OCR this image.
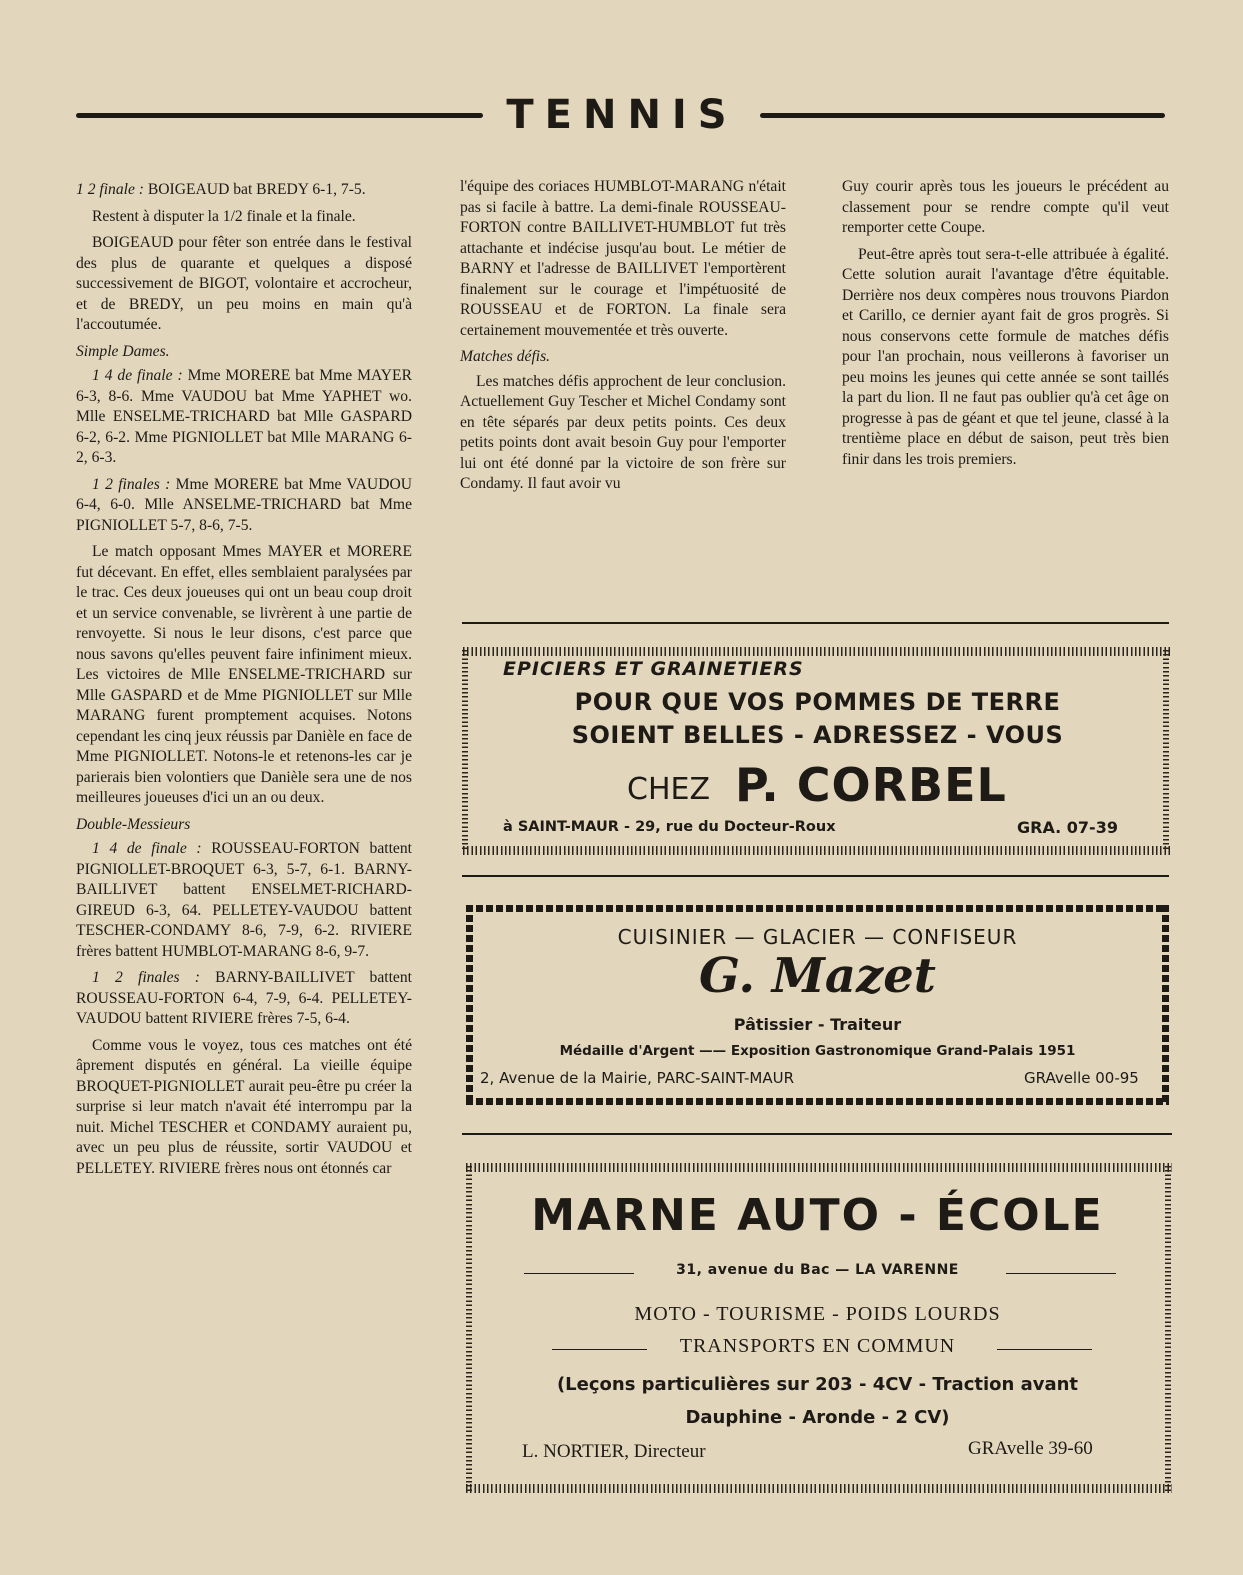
TENNIS

1 2 finale : BOIGEAUD bat BREDY 6-1, 7-5.

Restent à disputer la 1/2 finale et la finale.

BOIGEAUD pour fêter son entrée dans le festival des plus de quarante et quelques a disposé successivement de BIGOT, volontaire et accrocheur, et de BREDY, un peu moins en main qu'à l'accoutumée.

Simple Dames.

1 4 de finale : Mme MORERE bat Mme MAYER 6-3, 8-6. Mme VAUDOU bat Mme YAPHET wo. Mlle ENSELME-TRICHARD bat Mlle GASPARD 6-2, 6-2. Mme PIGNIOLLET bat Mlle MARANG 6-2, 6-3.

1 2 finales : Mme MORERE bat Mme VAUDOU 6-4, 6-0. Mlle ANSELME-TRICHARD bat Mme PIGNIOLLET 5-7, 8-6, 7-5.

Le match opposant Mmes MAYER et MORERE fut décevant. En effet, elles semblaient paralysées par le trac. Ces deux joueuses qui ont un beau coup droit et un service convenable, se livrèrent à une partie de renvoyette. Si nous le leur disons, c'est parce que nous savons qu'elles peuvent faire infiniment mieux. Les victoires de Mlle ENSELME-TRICHARD sur Mlle GASPARD et de Mme PIGNIOLLET sur Mlle MARANG furent promptement acquises. Notons cependant les cinq jeux réussis par Danièle en face de Mme PIGNIOLLET. Notons-le et retenons-les car je parierais bien volontiers que Danièle sera une de nos meilleures joueuses d'ici un an ou deux.

Double-Messieurs

1 4 de finale : ROUSSEAU-FORTON battent PIGNIOLLET-BROQUET 6-3, 5-7, 6-1. BARNY-BAILLIVET battent ENSELMET-RICHARD-GIREUD 6-3, 64. PELLETEY-VAUDOU battent TESCHER-CONDAMY 8-6, 7-9, 6-2. RIVIERE frères battent HUMBLOT-MARANG 8-6, 9-7.

1 2 finales : BARNY-BAILLIVET battent ROUSSEAU-FORTON 6-4, 7-9, 6-4. PELLETEY-VAUDOU battent RIVIERE frères 7-5, 6-4.

Comme vous le voyez, tous ces matches ont été âprement disputés en général. La vieille équipe BROQUET-PIGNIOLLET aurait peu-être pu créer la surprise si leur match n'avait été interrompu par la nuit. Michel TESCHER et CONDAMY auraient pu, avec un peu plus de réussite, sortir VAUDOU et PELLETEY. RIVIERE frères nous ont étonnés car

l'équipe des coriaces HUMBLOT-MARANG n'était pas si facile à battre. La demi-finale ROUSSEAU-FORTON contre BAILLIVET-HUMBLOT fut très attachante et indécise jusqu'au bout. Le métier de BARNY et l'adresse de BAILLIVET l'emportèrent finalement sur le courage et l'impétuosité de ROUSSEAU et de FORTON. La finale sera certainement mouvementée et très ouverte.

Matches défis.

Les matches défis approchent de leur conclusion. Actuellement Guy Tescher et Michel Condamy sont en tête séparés par deux petits points. Ces deux petits points dont avait besoin Guy pour l'emporter lui ont été donné par la victoire de son frère sur Condamy. Il faut avoir vu

Guy courir après tous les joueurs le précédent au classement pour se rendre compte qu'il veut remporter cette Coupe.

Peut-être après tout sera-t-elle attribuée à égalité. Cette solution aurait l'avantage d'être équitable. Derrière nos deux compères nous trouvons Piardon et Carillo, ce dernier ayant fait de gros progrès. Si nous conservons cette formule de matches défis pour l'an prochain, nous veillerons à favoriser un peu moins les jeunes qui cette année se sont taillés la part du lion. Il ne faut pas oublier qu'à cet âge on progresse à pas de géant et que tel jeune, classé à la trentième place en début de saison, peut très bien finir dans les trois premiers.

EPICIERS ET GRAINETIERS
POUR QUE VOS POMMES DE TERRE
SOIENT BELLES - ADRESSEZ - VOUS
CHEZ P. CORBEL
à SAINT-MAUR - 29, rue du Docteur-Roux	GRA. 07-39
CUISINIER — GLACIER — CONFISEUR
G. Mazet
Pâtissier - Traiteur
Médaille d'Argent —— Exposition Gastronomique Grand-Palais 1951
2, Avenue de la Mairie, PARC-SAINT-MAUR	GRAvelle 00-95
MARNE AUTO - ÉCOLE
31, avenue du Bac — LA VARENNE
MOTO - TOURISME - POIDS LOURDS
TRANSPORTS EN COMMUN
(Leçons particulières sur 203 - 4CV - Traction avant
Dauphine - Aronde - 2 CV)
L. NORTIER, Directeur	GRAvelle 39-60
